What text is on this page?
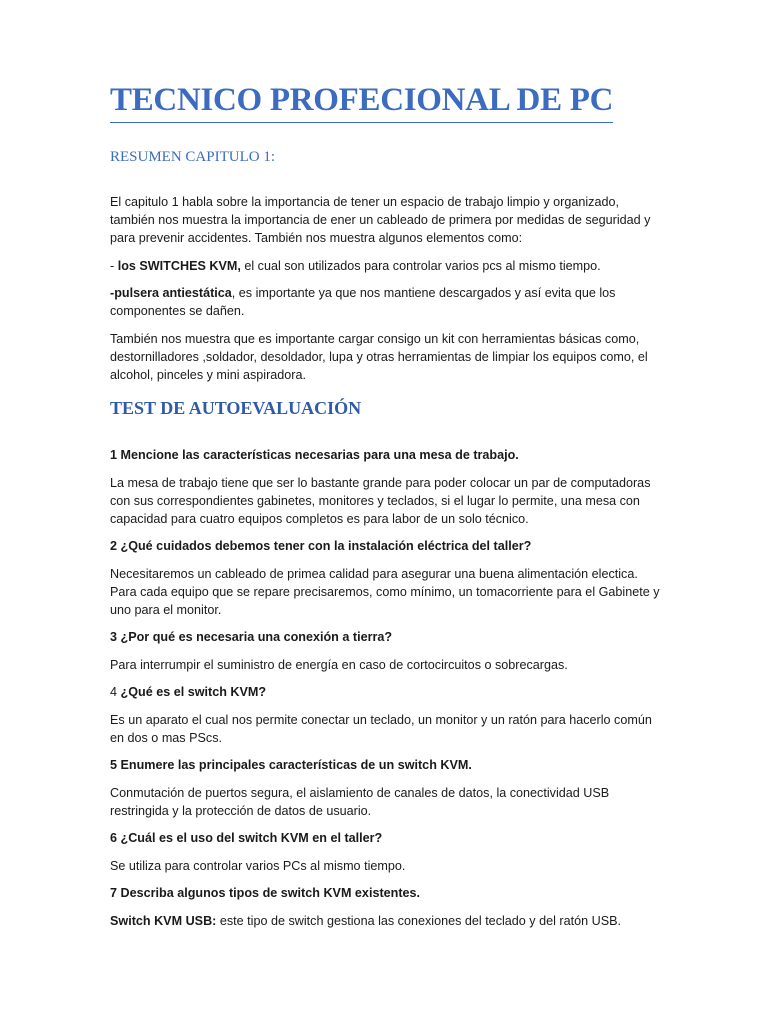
TECNICO PROFECIONAL DE PC
RESUMEN CAPITULO 1:

El capitulo 1 habla sobre la importancia de tener un espacio de trabajo limpio y organizado, también nos muestra la importancia de ener un cableado de primera por medidas de seguridad y para prevenir accidentes. También nos muestra algunos elementos como:

- los SWITCHES KVM, el cual son utilizados para controlar varios pcs al mismo tiempo.

-pulsera antiestática, es importante ya que nos mantiene descargados y así evita que los componentes se dañen.

También nos muestra que es importante cargar consigo un kit con herramientas básicas como, destornilladores ,soldador, desoldador, lupa y otras herramientas de limpiar los equipos como, el alcohol, pinceles y mini aspiradora.

TEST DE AUTOEVALUACIÓN

1 Mencione las características necesarias para una mesa de trabajo.

La mesa de trabajo tiene que ser lo bastante grande para poder colocar un par de computadoras con sus correspondientes gabinetes, monitores y teclados, si el lugar lo permite, una mesa con capacidad para cuatro equipos completos es para labor de un solo técnico.

2 ¿Qué cuidados debemos tener con la instalación eléctrica del taller?

Necesitaremos un cableado de primea calidad para asegurar una buena alimentación electica. Para cada equipo que se repare precisaremos, como mínimo, un tomacorriente para el Gabinete y uno para el monitor.

3 ¿Por qué es necesaria una conexión a tierra?

Para interrumpir el suministro de energía en caso de cortocircuitos o sobrecargas.

4 ¿Qué es el switch KVM?

Es un aparato el cual nos permite conectar un teclado, un monitor y un ratón para hacerlo común en dos o mas PScs.

5 Enumere las principales características de un switch KVM.

Conmutación de puertos segura, el aislamiento de canales de datos, la conectividad USB restringida y la protección de datos de usuario.

6 ¿Cuál es el uso del switch KVM en el taller?

Se utiliza para controlar varios PCs al mismo tiempo.

7 Describa algunos tipos de switch KVM existentes.

Switch KVM USB: este tipo de switch gestiona las conexiones del teclado y del ratón USB.
